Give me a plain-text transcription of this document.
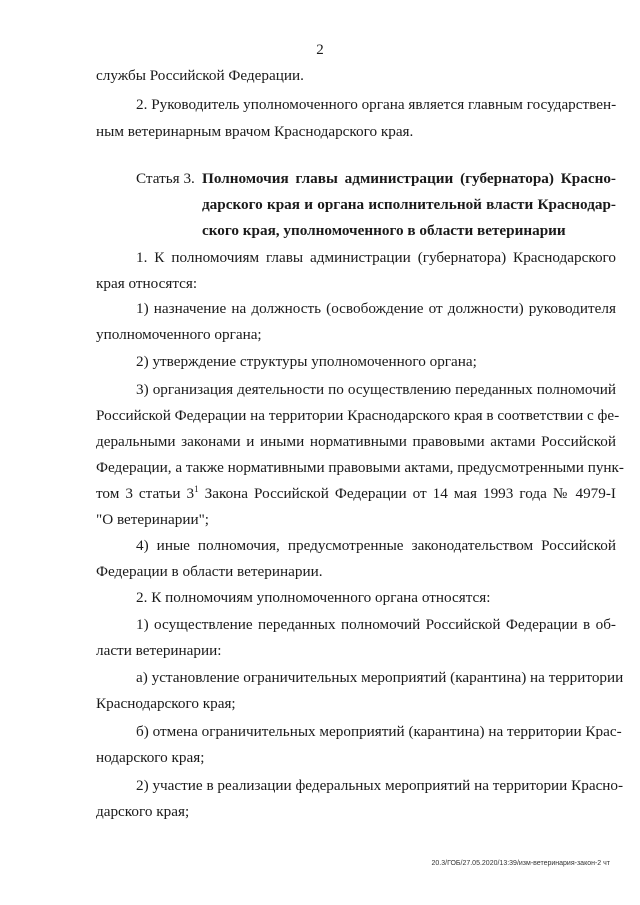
2
службы Российской Федерации.
2. Руководитель уполномоченного органа является главным государствен-
ным ветеринарным врачом Краснодарского края.
Статья 3. Полномочия главы администрации (губернатора) Красно-
дарского края и органа исполнительной власти Краснодар-
ского края, уполномоченного в области ветеринарии
1. К полномочиям главы администрации (губернатора) Краснодарского
края относятся:
1) назначение на должность (освобождение от должности) руководителя
уполномоченного органа;
2) утверждение структуры уполномоченного органа;
3) организация деятельности по осуществлению переданных полномочий
Российской Федерации на территории Краснодарского края в соответствии с фе-
деральными законами и иными нормативными правовыми актами Российской
Федерации, а также нормативными правовыми актами, предусмотренными пунк-
том 3 статьи $3^1$ Закона Российской Федерации от 14 мая 1993 года № 4979-I
"О ветеринарии";
4) иные полномочия, предусмотренные законодательством Российской
Федерации в области ветеринарии.
2. К полномочиям уполномоченного органа относятся:
1) осуществление переданных полномочий Российской Федерации в об-
ласти ветеринарии:
а) установление ограничительных мероприятий (карантина) на территории
Краснодарского края;
б) отмена ограничительных мероприятий (карантина) на территории Крас-
нодарского края;
2) участие в реализации федеральных мероприятий на территории Красно-
дарского края;
20.3/ГОБ/27.05.2020/13:39/изм-ветеринария-закон-2 чт
